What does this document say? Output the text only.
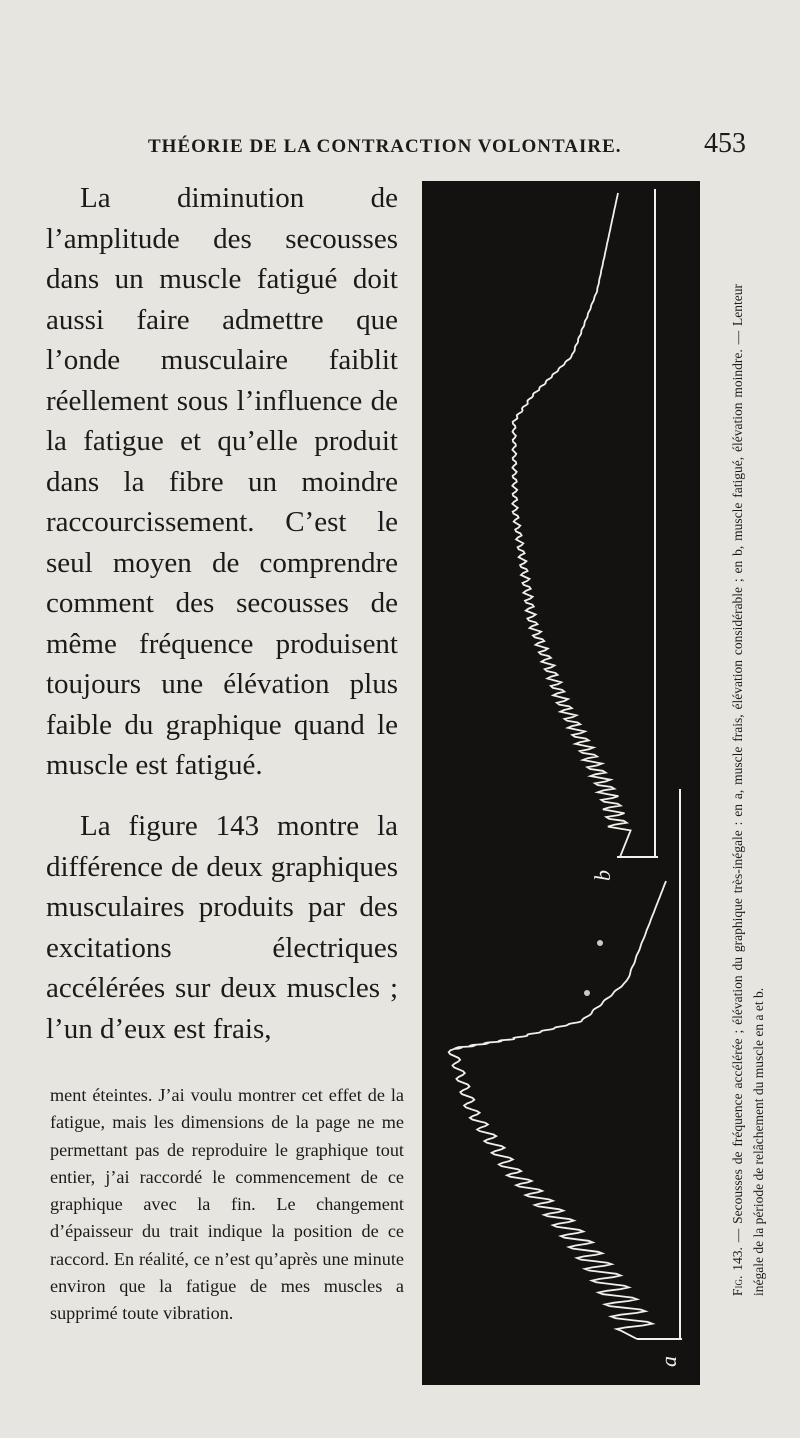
THÉORIE DE LA CONTRACTION VOLONTAIRE.	453

La diminution de l’amplitude des secousses dans un muscle fatigué doit aussi faire admettre que l’onde musculaire faiblit réellement sous l’influence de la fatigue et qu’elle produit dans la fibre un moindre raccourcissement. C’est le seul moyen de comprendre comment des secousses de même fréquence produisent toujours une élévation plus faible du graphique quand le muscle est fatigué.

La figure 143 montre la différence de deux graphiques musculaires produits par des excitations électriques accélérées sur deux muscles ; l’un d’eux est frais,

ment éteintes. J’ai voulu montrer cet effet de la fatigue, mais les dimensions de la page ne me permettant pas de reproduire le graphique tout entier, j’ai raccordé le commencement de ce graphique avec la fin. Le changement d’épaisseur du trait indique la position de ce raccord. En réalité, ce n’est qu’après une minute environ que la fatigue de mes muscles a supprimé toute vibration.
b
a
Fig. 143. — Secousses de fréquence accélérée ; élévation du graphique très-inégale : en a, muscle frais, élévation considérable ; en b, muscle fatigué, élévation moindre. — Lenteur inégale de la période de relâchement du muscle en a et b.
